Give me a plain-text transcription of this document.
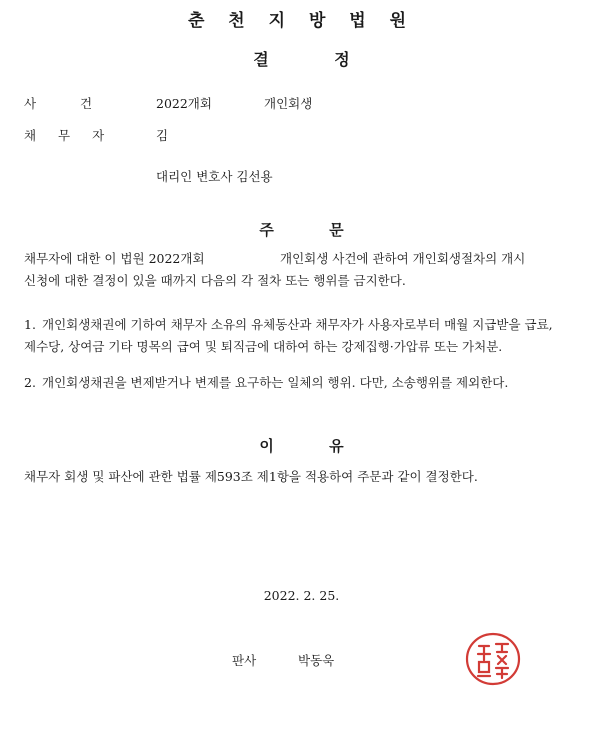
춘 천 지 방 법 원
결 정
사 건	2022개회	개인회생
채 무 자	김
대리인 변호사 김선용
주 문
채무자에 대한 이 법원 2022개회	개인회생 사건에 관하여 개인회생절차의 개시
신청에 대한 결정이 있을 때까지 다음의 각 절차 또는 행위를 금지한다.
1. 개인회생채권에 기하여 채무자 소유의 유체동산과 채무자가 사용자로부터 매월 지급받을 급료, 제수당, 상여금 기타 명목의 급여 및 퇴직금에 대하여 하는 강제집행·가압류 또는 가처분.
2. 개인회생채권을 변제받거나 변제를 요구하는 일체의 행위. 다만, 소송행위를 제외한다.
이 유
채무자 회생 및 파산에 관한 법률 제593조 제1항을 적용하여 주문과 같이 결정한다.
2022. 2. 25.
판사	박동욱
